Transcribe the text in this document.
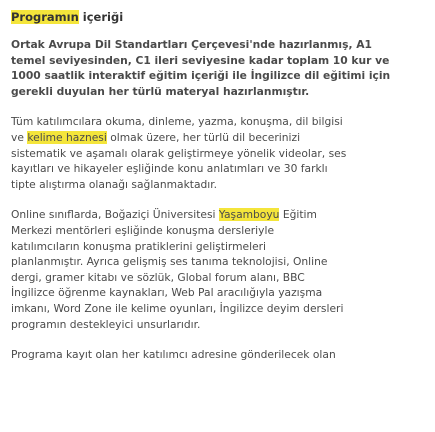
Programın içeriği
Ortak Avrupa Dil Standartları Çerçevesi'nde hazırlanmış, A1
temel seviyesinden, C1 ileri seviyesine kadar toplam 10 kur ve
1000 saatlik interaktif eğitim içeriği ile İngilizce dil eğitimi için
gerekli duyulan her türlü materyal hazırlanmıştır.
Tüm katılımcılara okuma, dinleme, yazma, konuşma, dil bilgisi
ve kelime haznesi olmak üzere, her türlü dil becerinizi
sistematik ve aşamalı olarak geliştirmeye yönelik videolar, ses
kayıtları ve hikayeler eşliğinde konu anlatımları ve 30 farklı
tipte alıştırma olanağı sağlanmaktadır.
Online sınıflarda, Boğaziçi Üniversitesi Yaşamboyu Eğitim
Merkezi mentörleri eşliğinde konuşma dersleriyle
katılımcıların konuşma pratiklerini geliştirmeleri
planlanmıştır. Ayrıca gelişmiş ses tanıma teknolojisi, Online
dergi, gramer kitabı ve sözlük, Global forum alanı, BBC
İngilizce öğrenme kaynakları, Web Pal aracılığıyla yazışma
imkanı, Word Zone ile kelime oyunları, İngilizce deyim dersleri
programın destekleyici unsurlarıdır.
Programa kayıt olan her katılımcı adresine gönderilecek olan
